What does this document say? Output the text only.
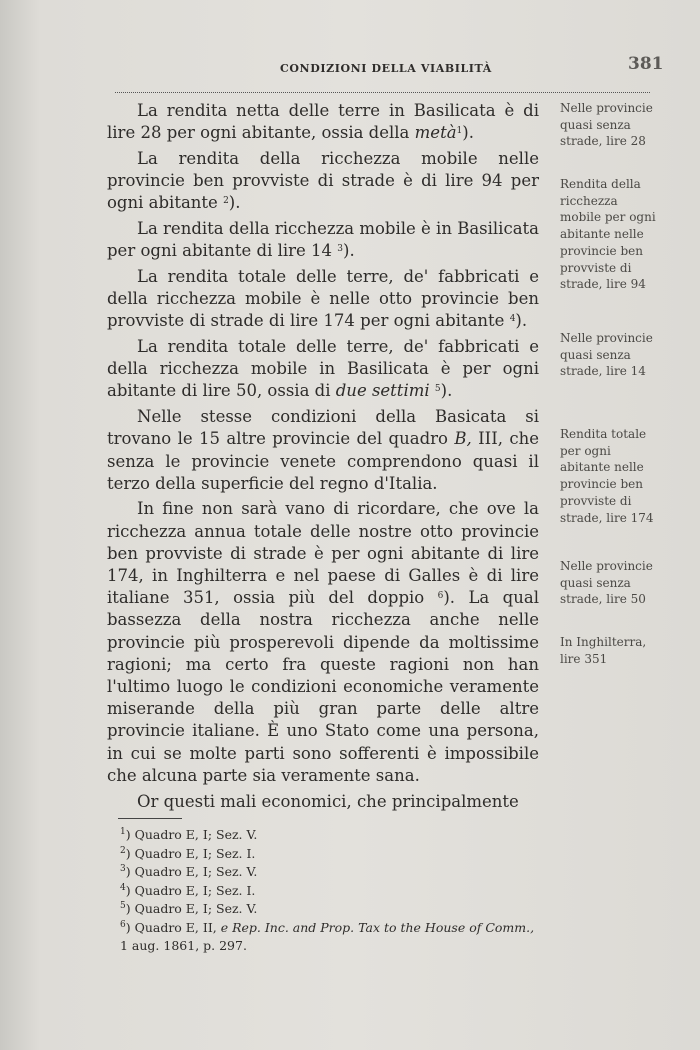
381
CONDIZIONI DELLA VIABILITÀ

La rendita netta delle terre in Basilicata è di lire 28 per ogni abitante, ossia della metà$^1$).

La rendita della ricchezza mobile nelle provincie ben provviste di strade è di lire 94 per ogni abitante $^2$).

La rendita della ricchezza mobile è in Basilicata per ogni abitante di lire 14 $^3$).

La rendita totale delle terre, de' fabbricati e della ricchezza mobile è nelle otto provincie ben provviste di strade di lire 174 per ogni abitante $^4$).

La rendita totale delle terre, de' fabbricati e della ricchezza mobile in Basilicata è per ogni abitante di lire 50, ossia di due settimi $^5$).

Nelle stesse condizioni della Basicata si trovano le 15 altre provincie del quadro B, III, che senza le provincie venete comprendono quasi il terzo della superficie del regno d'Italia.

In fine non sarà vano di ricordare, che ove la ricchezza annua totale delle nostre otto provincie ben provviste di strade è per ogni abitante di lire 174, in Inghilterra e nel paese di Galles è di lire italiane 351, ossia più del doppio $^6$). La qual bassezza della nostra ricchezza anche nelle provincie più prosperevoli dipende da moltissime ragioni; ma certo fra queste ragioni non han l'ultimo luogo le condizioni economiche veramente miserande della più gran parte delle altre provincie italiane. È uno Stato come una persona, in cui se molte parti sono sofferenti è impossibile che alcuna parte sia veramente sana.

Or questi mali economici, che principalmente

$^1$) Quadro E, I; Sez. V.
$^2$) Quadro E, I; Sez. I.
$^3$) Quadro E, I; Sez. V.
$^4$) Quadro E, I; Sez. I.
$^5$) Quadro E, I; Sez. V.
$^6$) Quadro E, II, e Rep. Inc. and Prop. Tax to the House of Comm., 1 aug. 1861, p. 297.
Nelle provincie quasi senza strade, lire 28
Rendita della ricchezza mobile per ogni abitante nelle provincie ben provviste di strade, lire 94
Nelle provincie quasi senza strade, lire 14
Rendita totale per ogni abitante nelle provincie ben provviste di strade, lire 174
Nelle provincie quasi senza strade, lire 50
In Inghilterra, lire 351
